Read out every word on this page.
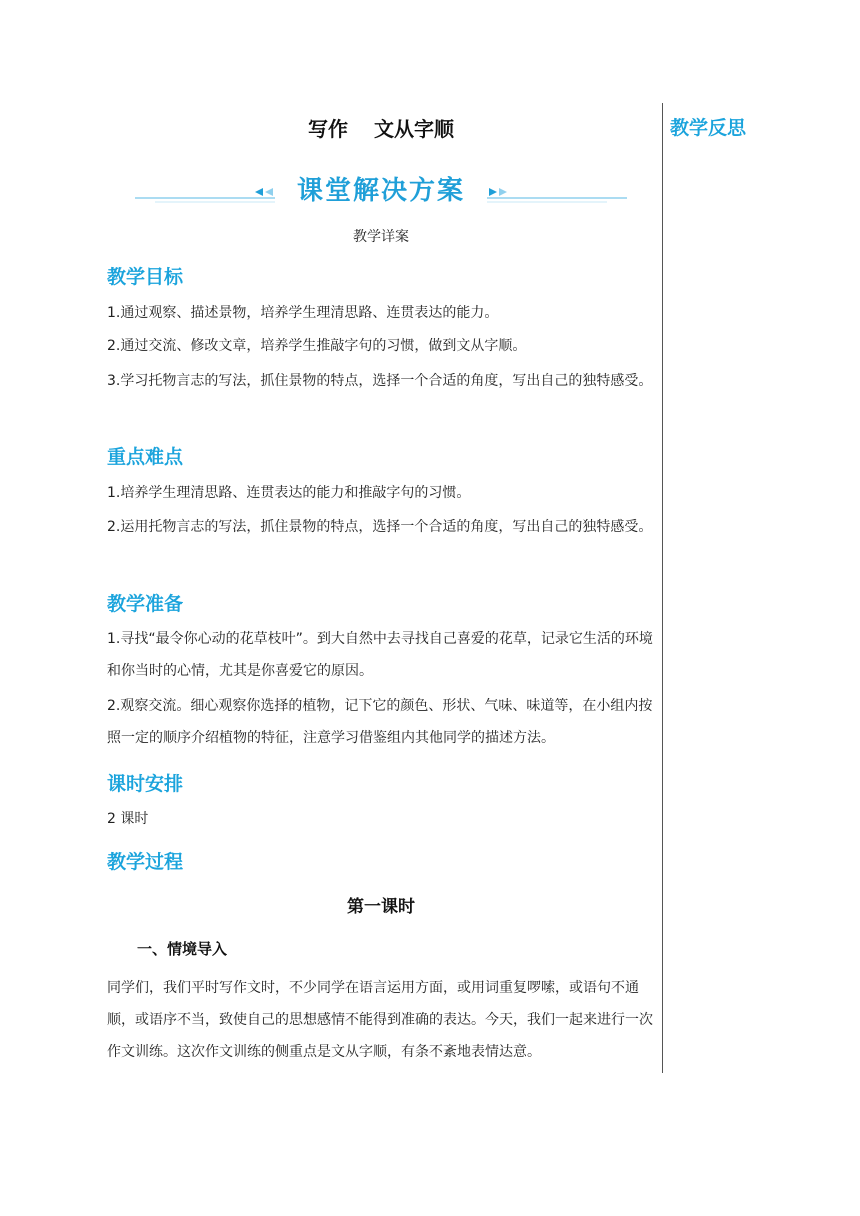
教学反思
写作 文从字顺
课堂解决方案
教学详案
教学目标
1.通过观察、描述景物，培养学生理清思路、连贯表达的能力。
2.通过交流、修改文章，培养学生推敲字句的习惯，做到文从字顺。
3.学习托物言志的写法，抓住景物的特点，选择一个合适的角度，写出自己的独特感受。
重点难点
1.培养学生理清思路、连贯表达的能力和推敲字句的习惯。
2.运用托物言志的写法，抓住景物的特点，选择一个合适的角度，写出自己的独特感受。
教学准备
1.寻找“最令你心动的花草枝叶”。到大自然中去寻找自己喜爱的花草，记录它生活的环境和你当时的心情，尤其是你喜爱它的原因。
2.观察交流。细心观察你选择的植物，记下它的颜色、形状、气味、味道等，在小组内按照一定的顺序介绍植物的特征，注意学习借鉴组内其他同学的描述方法。
课时安排
2 课时
教学过程
第一课时
一、情境导入
同学们，我们平时写作文时，不少同学在语言运用方面，或用词重复啰嗦，或语句不通顺，或语序不当，致使自己的思想感情不能得到准确的表达。今天，我们一起来进行一次作文训练。这次作文训练的侧重点是文从字顺，有条不紊地表情达意。
